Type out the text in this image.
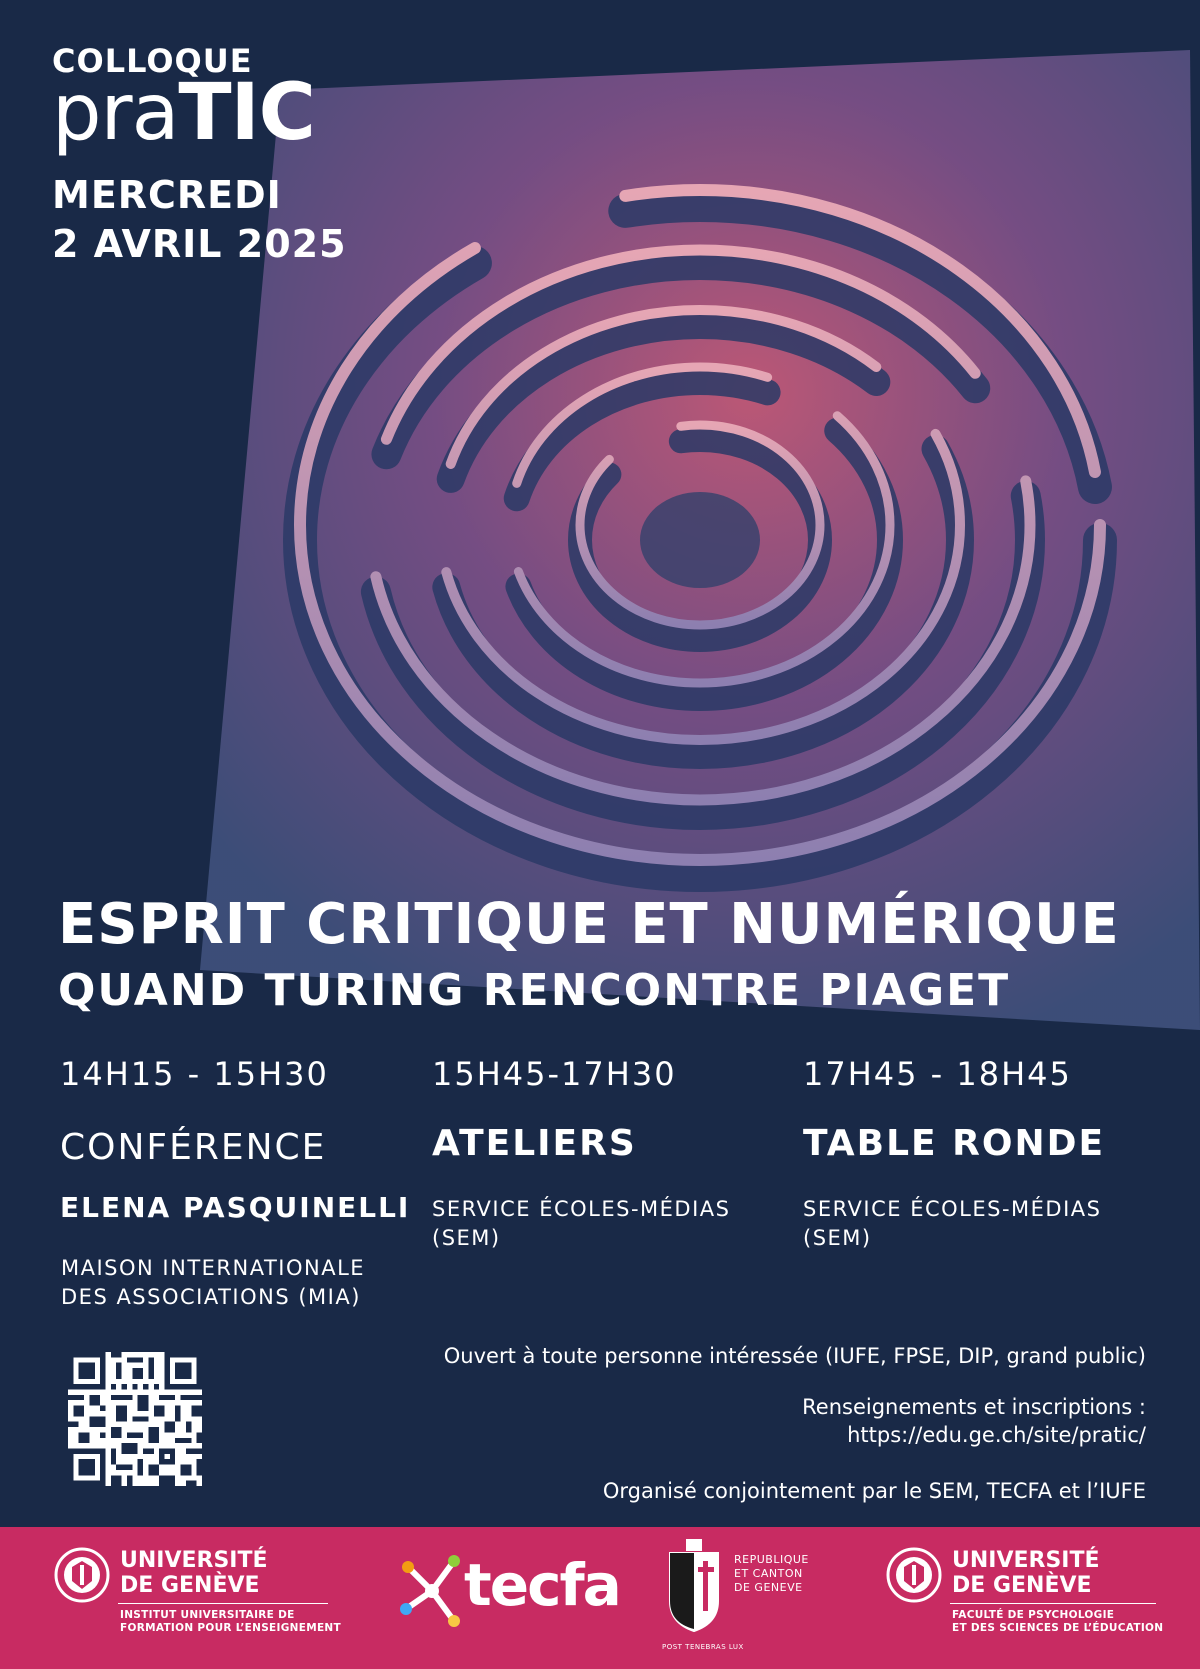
COLLOQUE
praTIC
MERCREDI
2 AVRIL 2025
ESPRIT CRITIQUE ET NUMÉRIQUE
QUAND TURING RENCONTRE PIAGET
14H15 - 15H30
CONFÉRENCE
ELENA PASQUINELLI
MAISON INTERNATIONALE DES ASSOCIATIONS (MIA)
15H45-17H30
ATELIERS
SERVICE ÉCOLES-MÉDIAS (SEM)
17H45 - 18H45
TABLE RONDE
SERVICE ÉCOLES-MÉDIAS (SEM)
Ouvert à toute personne intéressée (IUFE, FPSE, DIP, grand public)
Renseignements et inscriptions :
https://edu.ge.ch/site/pratic/
Organisé conjointement par le SEM, TECFA et l’IUFE
UNIVERSITÉ
DE GENÈVE
INSTITUT UNIVERSITAIRE DE
FORMATION POUR L’ENSEIGNEMENT
tecfa	REPUBLIQUE
ET CANTON
DE GENEVE
POST TENEBRAS LUX
UNIVERSITÉ
DE GENÈVE
FACULTÉ DE PSYCHOLOGIE
ET DES SCIENCES DE L’ÉDUCATION
